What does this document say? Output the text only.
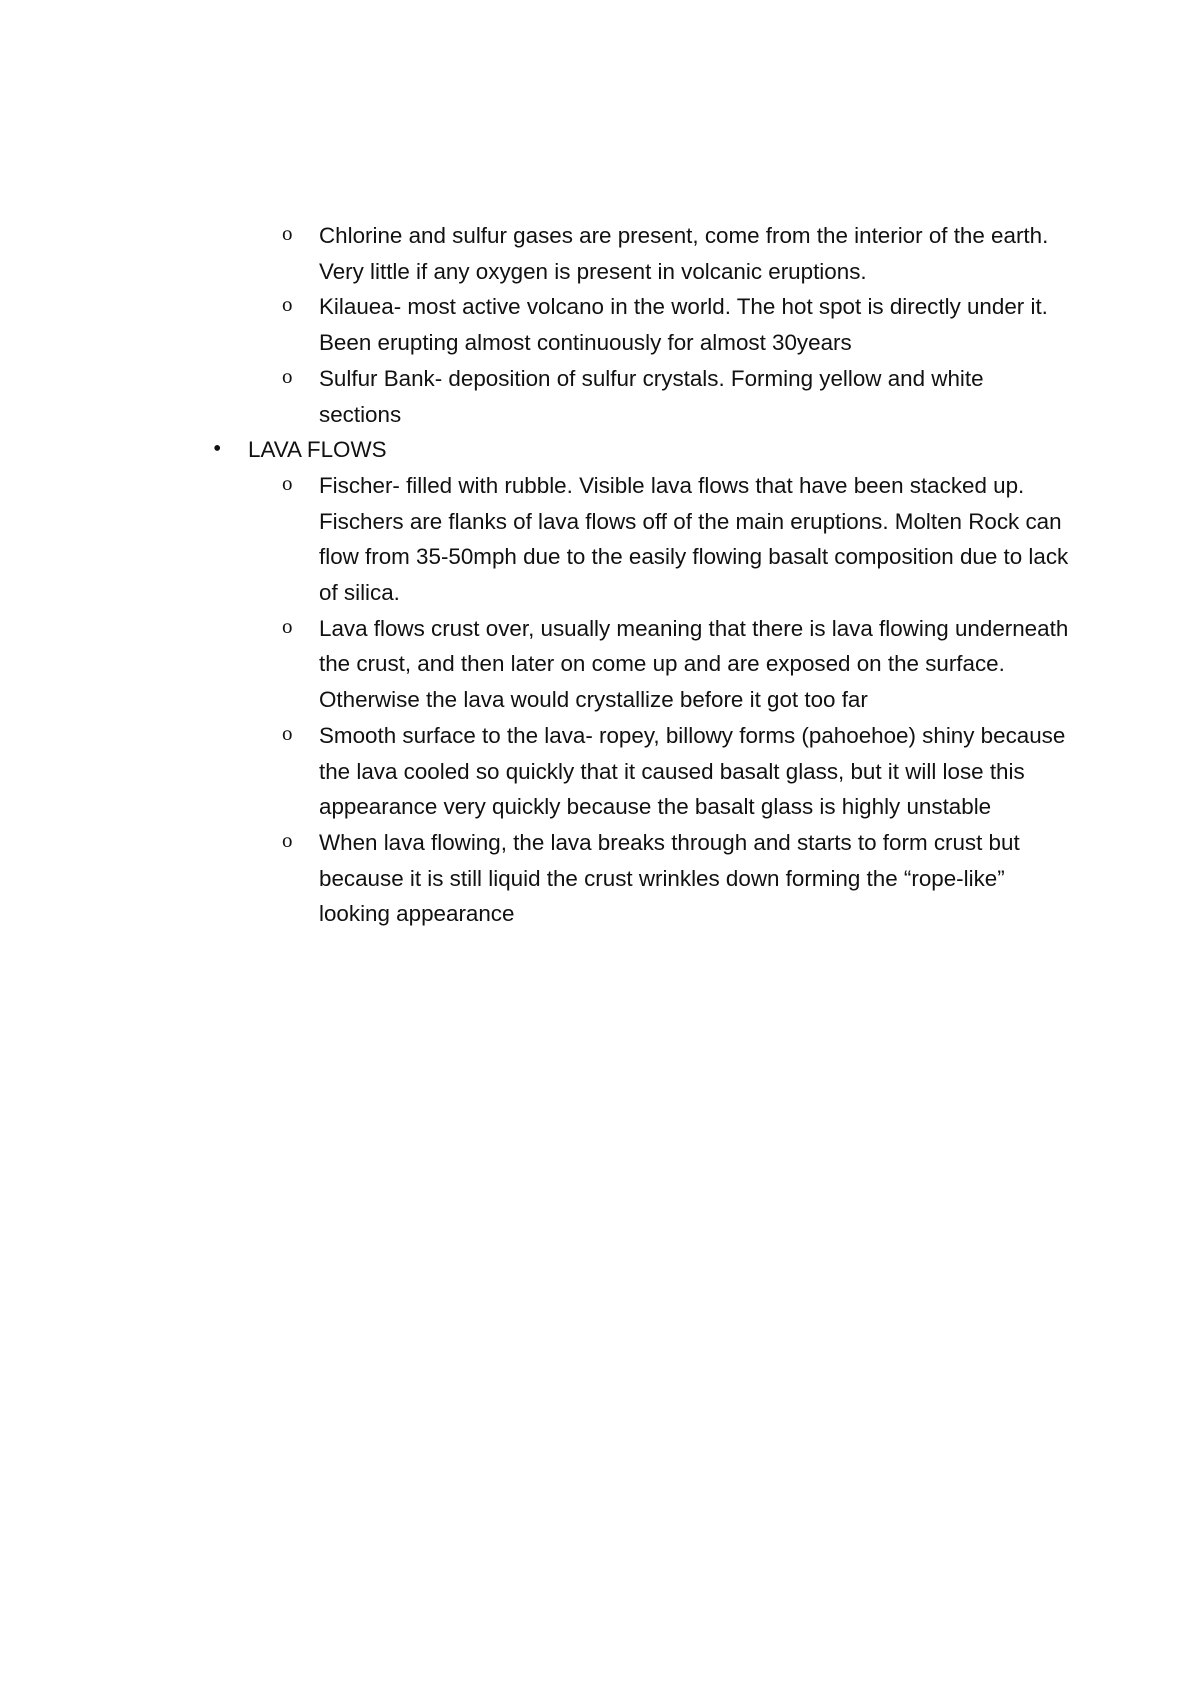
o Chlorine and sulfur gases are present, come from the interior of the earth. Very little if any oxygen is present in volcanic eruptions.

o Kilauea- most active volcano in the world. The hot spot is directly under it. Been erupting almost continuously for almost 30years

o Sulfur Bank- deposition of sulfur crystals. Forming yellow and white sections

• LAVA FLOWS

o Fischer- filled with rubble. Visible lava flows that have been stacked up. Fischers are flanks of lava flows off of the main eruptions. Molten Rock can flow from 35-50mph due to the easily flowing basalt composition due to lack of silica.

o Lava flows crust over, usually meaning that there is lava flowing underneath the crust, and then later on come up and are exposed on the surface. Otherwise the lava would crystallize before it got too far

o Smooth surface to the lava- ropey, billowy forms (pahoehoe) shiny because the lava cooled so quickly that it caused basalt glass, but it will lose this appearance very quickly because the basalt glass is highly unstable

o When lava flowing, the lava breaks through and starts to form crust but because it is still liquid the crust wrinkles down forming the “rope-like” looking appearance
